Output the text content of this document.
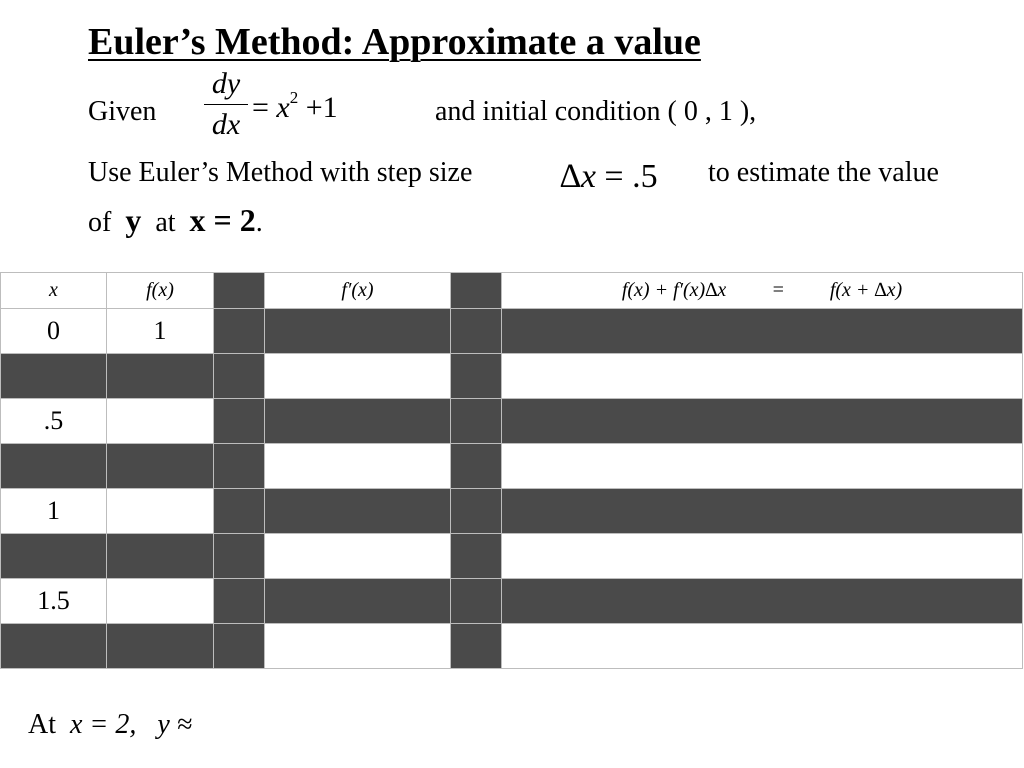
Euler’s Method: Approximate a value
Given
dy
dx
= $x^2 +1$	and initial condition ( 0 , 1 ),
Use Euler’s Method with step size	∆x = .5 to estimate the value
of y at x = 2.
x	f(x)		f′(x)		f(x) + f′(x)∆x = f(x + ∆x)
0	1				

.5					

1					

1.5					

At x = 2, y ≈
